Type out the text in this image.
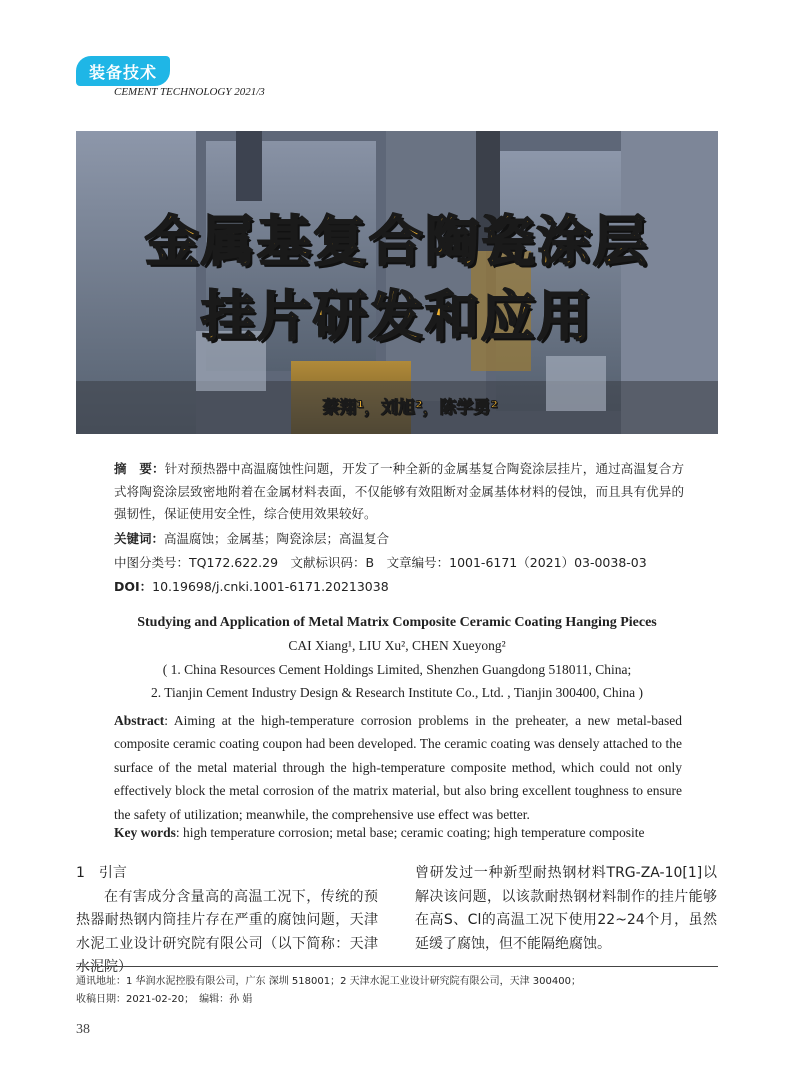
装备技术
CEMENT TECHNOLOGY 2021/3
金属基复合陶瓷涂层
挂片研发和应用
蔡翔¹，刘旭²，陈学勇²
摘　要：针对预热器中高温腐蚀性问题，开发了一种全新的金属基复合陶瓷涂层挂片，通过高温复合方式将陶瓷涂层致密地附着在金属材料表面，不仅能够有效阻断对金属基体材料的侵蚀，而且具有优异的强韧性，保证使用安全性，综合使用效果较好。
关键词：高温腐蚀；金属基；陶瓷涂层；高温复合
中图分类号：TQ172.622.29　文献标识码：B　文章编号：1001-6171（2021）03-0038-03
DOI：10.19698/j.cnki.1001-6171.20213038
Studying and Application of Metal Matrix Composite Ceramic Coating Hanging Pieces
CAI Xiang¹, LIU Xu², CHEN Xueyong²
( 1. China Resources Cement Holdings Limited, Shenzhen Guangdong 518011, China;
2. Tianjin Cement Industry Design & Research Institute Co., Ltd. , Tianjin 300400, China )
Abstract: Aiming at the high-temperature corrosion problems in the preheater, a new metal-based composite ceramic coating coupon had been developed. The ceramic coating was densely attached to the surface of the metal material through the high-temperature composite method, which could not only effectively block the metal corrosion of the matrix material, but also bring excellent toughness to ensure the safety of utilization; meanwhile, the comprehensive use effect was better.
Key words: high temperature corrosion; metal base; ceramic coating; high temperature composite
1　引言
在有害成分含量高的高温工况下，传统的预热器耐热钢内筒挂片存在严重的腐蚀问题，天津水泥工业设计研究院有限公司（以下简称：天津水泥院）
曾研发过一种新型耐热钢材料TRG-ZA-10[1]以解决该问题，以该款耐热钢材料制作的挂片能够在高S、Cl的高温工况下使用22~24个月，虽然延缓了腐蚀，但不能隔绝腐蚀。
通讯地址：1 华润水泥控股有限公司，广东 深圳 518001；2 天津水泥工业设计研究院有限公司，天津 300400；
收稿日期：2021-02-20；　编辑：孙 娟
38
